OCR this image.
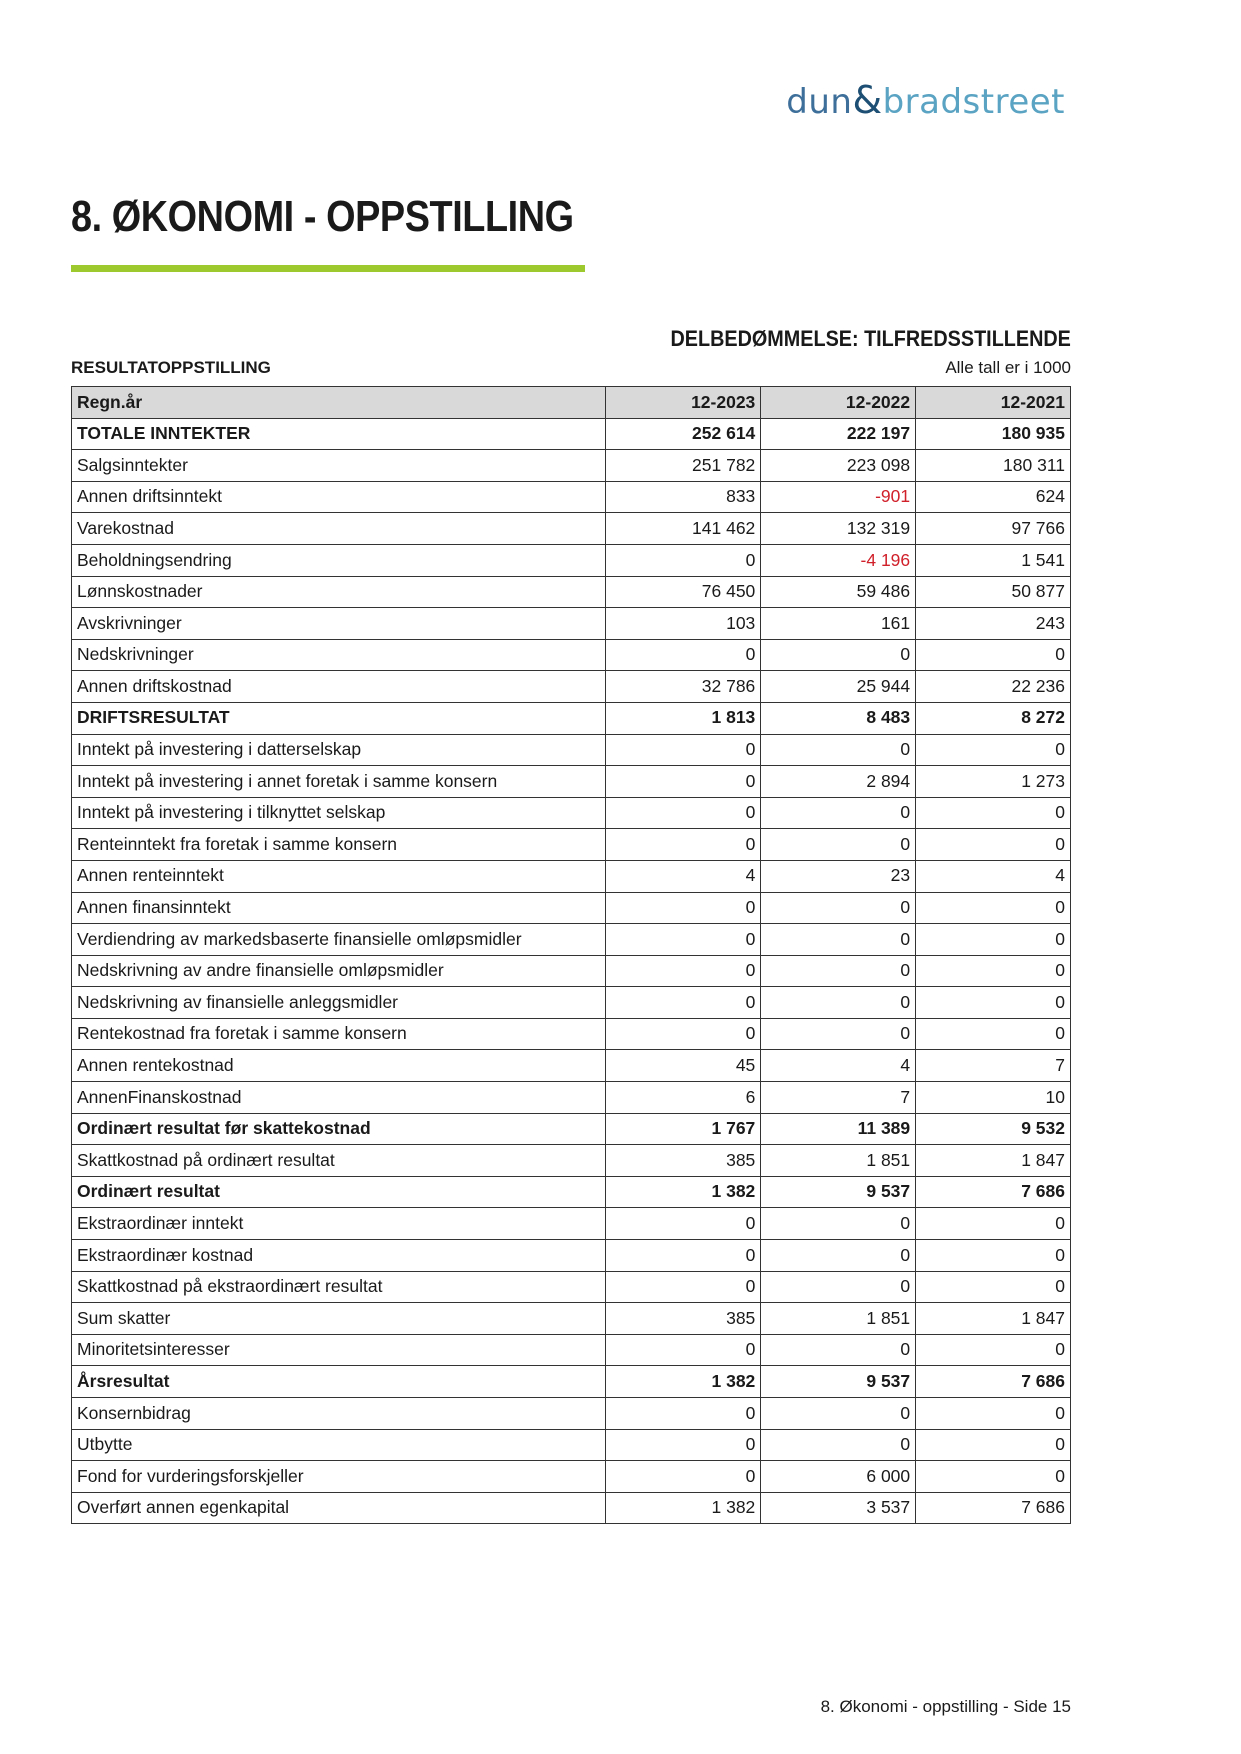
dun&bradstreet
8. ØKONOMI - OPPSTILLING
DELBEDØMMELSE: TILFREDSSTILLENDE
RESULTATOPPSTILLING	Alle tall er i 1000
Regn.år	12-2023	12-2022	12-2021
TOTALE INNTEKTER	252 614	222 197	180 935
Salgsinntekter	251 782	223 098	180 311
Annen driftsinntekt	833	-901	624
Varekostnad	141 462	132 319	97 766
Beholdningsendring	0	-4 196	1 541
Lønnskostnader	76 450	59 486	50 877
Avskrivninger	103	161	243
Nedskrivninger	0	0	0
Annen driftskostnad	32 786	25 944	22 236
DRIFTSRESULTAT	1 813	8 483	8 272
Inntekt på investering i datterselskap	0	0	0
Inntekt på investering i annet foretak i samme konsern	0	2 894	1 273
Inntekt på investering i tilknyttet selskap	0	0	0
Renteinntekt fra foretak i samme konsern	0	0	0
Annen renteinntekt	4	23	4
Annen finansinntekt	0	0	0
Verdiendring av markedsbaserte finansielle omløpsmidler	0	0	0
Nedskrivning av andre finansielle omløpsmidler	0	0	0
Nedskrivning av finansielle anleggsmidler	0	0	0
Rentekostnad fra foretak i samme konsern	0	0	0
Annen rentekostnad	45	4	7
AnnenFinanskostnad	6	7	10
Ordinært resultat før skattekostnad	1 767	11 389	9 532
Skattkostnad på ordinært resultat	385	1 851	1 847
Ordinært resultat	1 382	9 537	7 686
Ekstraordinær inntekt	0	0	0
Ekstraordinær kostnad	0	0	0
Skattkostnad på ekstraordinært resultat	0	0	0
Sum skatter	385	1 851	1 847
Minoritetsinteresser	0	0	0
Årsresultat	1 382	9 537	7 686
Konsernbidrag	0	0	0
Utbytte	0	0	0
Fond for vurderingsforskjeller	0	6 000	0
Overført annen egenkapital	1 382	3 537	7 686
8. Økonomi - oppstilling - Side 15
